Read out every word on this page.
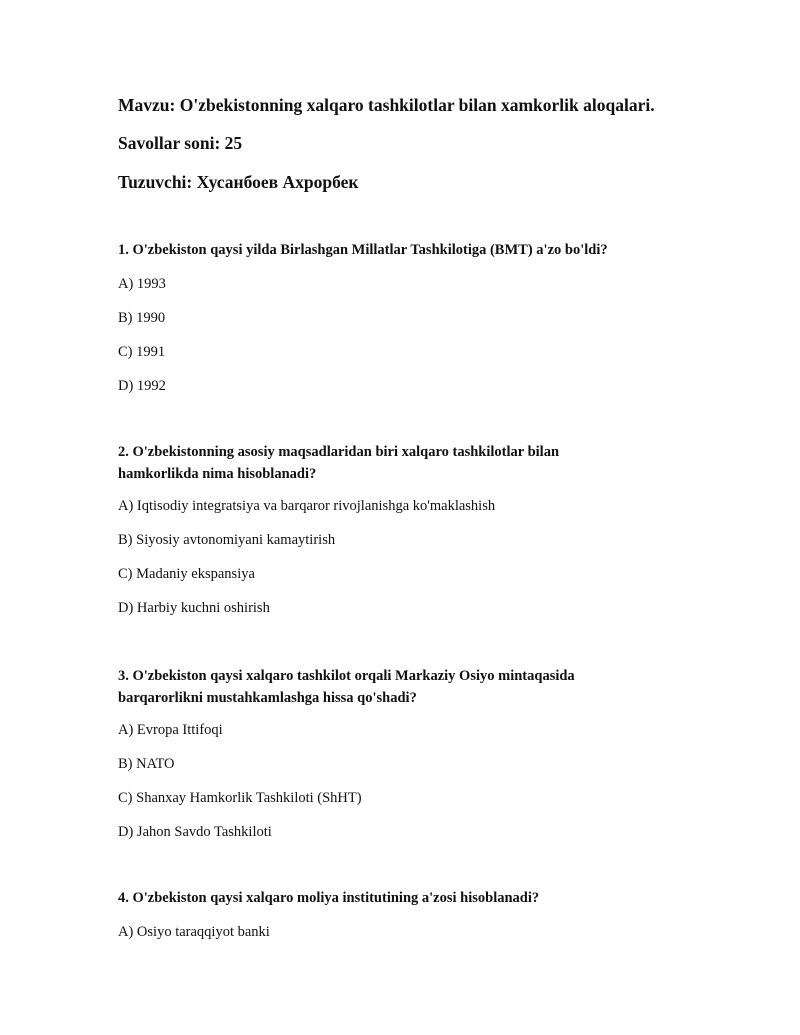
Mavzu: O'zbekistonning xalqaro tashkilotlar bilan xamkorlik aloqalari.
Savollar soni: 25
Tuzuvchi: Хусанбоев Ахрорбек

1. O'zbekiston qaysi yilda Birlashgan Millatlar Tashkilotiga (BMT) a'zo bo'ldi?

A) 1993

B) 1990

C) 1991

D) 1992

2. O'zbekistonning asosiy maqsadlaridan biri xalqaro tashkilotlar bilan hamkorlikda nima hisoblanadi?

A) Iqtisodiy integratsiya va barqaror rivojlanishga ko'maklashish

B) Siyosiy avtonomiyani kamaytirish

C) Madaniy ekspansiya

D) Harbiy kuchni oshirish

3. O'zbekiston qaysi xalqaro tashkilot orqali Markaziy Osiyo mintaqasida barqarorlikni mustahkamlashga hissa qo'shadi?

A) Evropa Ittifoqi

B) NATO

C) Shanxay Hamkorlik Tashkiloti (ShHT)

D) Jahon Savdo Tashkiloti

4. O'zbekiston qaysi xalqaro moliya institutining a'zosi hisoblanadi?

A) Osiyo taraqqiyot banki
